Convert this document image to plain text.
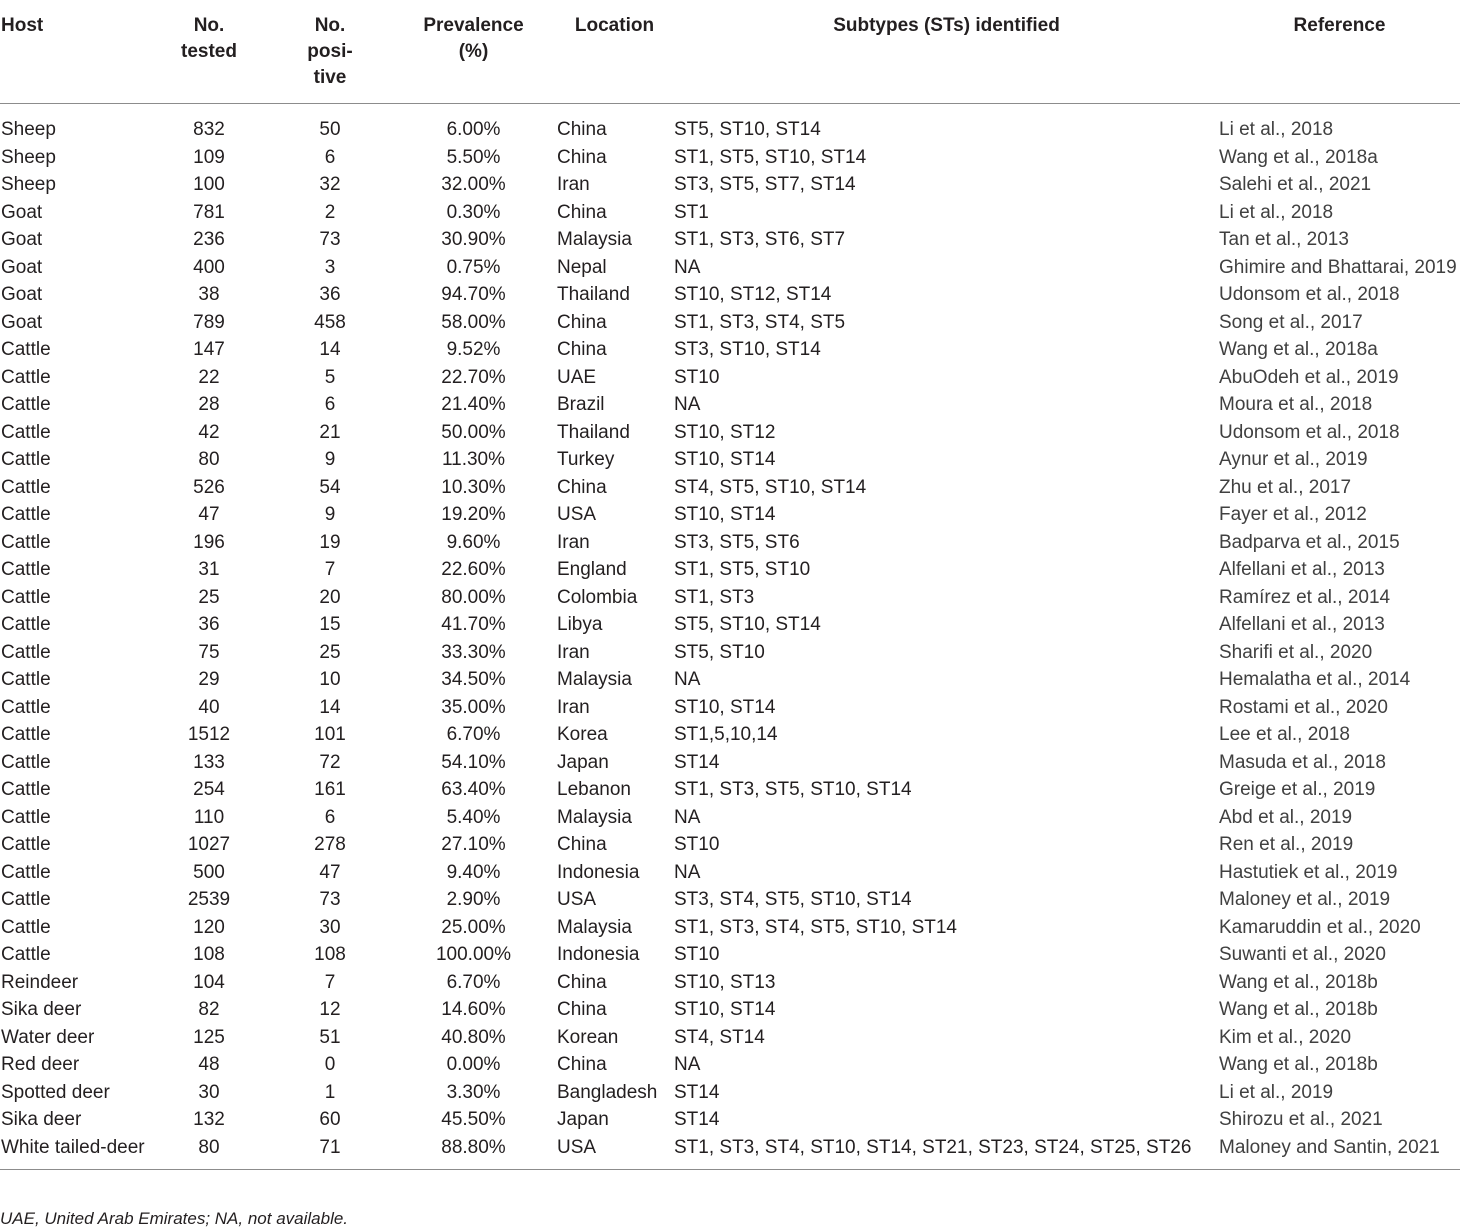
Host	No. tested	No. posi-tive	Prevalence (%)	Location	Subtypes (STs) identified	Reference
Sheep	832	50	6.00%	China	ST5, ST10, ST14	Li et al., 2018
Sheep	109	6	5.50%	China	ST1, ST5, ST10, ST14	Wang et al., 2018a
Sheep	100	32	32.00%	Iran	ST3, ST5, ST7, ST14	Salehi et al., 2021
Goat	781	2	0.30%	China	ST1	Li et al., 2018
Goat	236	73	30.90%	Malaysia	ST1, ST3, ST6, ST7	Tan et al., 2013
Goat	400	3	0.75%	Nepal	NA	Ghimire and Bhattarai, 2019
Goat	38	36	94.70%	Thailand	ST10, ST12, ST14	Udonsom et al., 2018
Goat	789	458	58.00%	China	ST1, ST3, ST4, ST5	Song et al., 2017
Cattle	147	14	9.52%	China	ST3, ST10, ST14	Wang et al., 2018a
Cattle	22	5	22.70%	UAE	ST10	AbuOdeh et al., 2019
Cattle	28	6	21.40%	Brazil	NA	Moura et al., 2018
Cattle	42	21	50.00%	Thailand	ST10, ST12	Udonsom et al., 2018
Cattle	80	9	11.30%	Turkey	ST10, ST14	Aynur et al., 2019
Cattle	526	54	10.30%	China	ST4, ST5, ST10, ST14	Zhu et al., 2017
Cattle	47	9	19.20%	USA	ST10, ST14	Fayer et al., 2012
Cattle	196	19	9.60%	Iran	ST3, ST5, ST6	Badparva et al., 2015
Cattle	31	7	22.60%	England	ST1, ST5, ST10	Alfellani et al., 2013
Cattle	25	20	80.00%	Colombia	ST1, ST3	Ramírez et al., 2014
Cattle	36	15	41.70%	Libya	ST5, ST10, ST14	Alfellani et al., 2013
Cattle	75	25	33.30%	Iran	ST5, ST10	Sharifi et al., 2020
Cattle	29	10	34.50%	Malaysia	NA	Hemalatha et al., 2014
Cattle	40	14	35.00%	Iran	ST10, ST14	Rostami et al., 2020
Cattle	1512	101	6.70%	Korea	ST1,5,10,14	Lee et al., 2018
Cattle	133	72	54.10%	Japan	ST14	Masuda et al., 2018
Cattle	254	161	63.40%	Lebanon	ST1, ST3, ST5, ST10, ST14	Greige et al., 2019
Cattle	110	6	5.40%	Malaysia	NA	Abd et al., 2019
Cattle	1027	278	27.10%	China	ST10	Ren et al., 2019
Cattle	500	47	9.40%	Indonesia	NA	Hastutiek et al., 2019
Cattle	2539	73	2.90%	USA	ST3, ST4, ST5, ST10, ST14	Maloney et al., 2019
Cattle	120	30	25.00%	Malaysia	ST1, ST3, ST4, ST5, ST10, ST14	Kamaruddin et al., 2020
Cattle	108	108	100.00%	Indonesia	ST10	Suwanti et al., 2020
Reindeer	104	7	6.70%	China	ST10, ST13	Wang et al., 2018b
Sika deer	82	12	14.60%	China	ST10, ST14	Wang et al., 2018b
Water deer	125	51	40.80%	Korean	ST4, ST14	Kim et al., 2020
Red deer	48	0	0.00%	China	NA	Wang et al., 2018b
Spotted deer	30	1	3.30%	Bangladesh	ST14	Li et al., 2019
Sika deer	132	60	45.50%	Japan	ST14	Shirozu et al., 2021
White tailed-deer	80	71	88.80%	USA	ST1, ST3, ST4, ST10, ST14, ST21, ST23, ST24, ST25, ST26	Maloney and Santin, 2021
UAE, United Arab Emirates; NA, not available.
